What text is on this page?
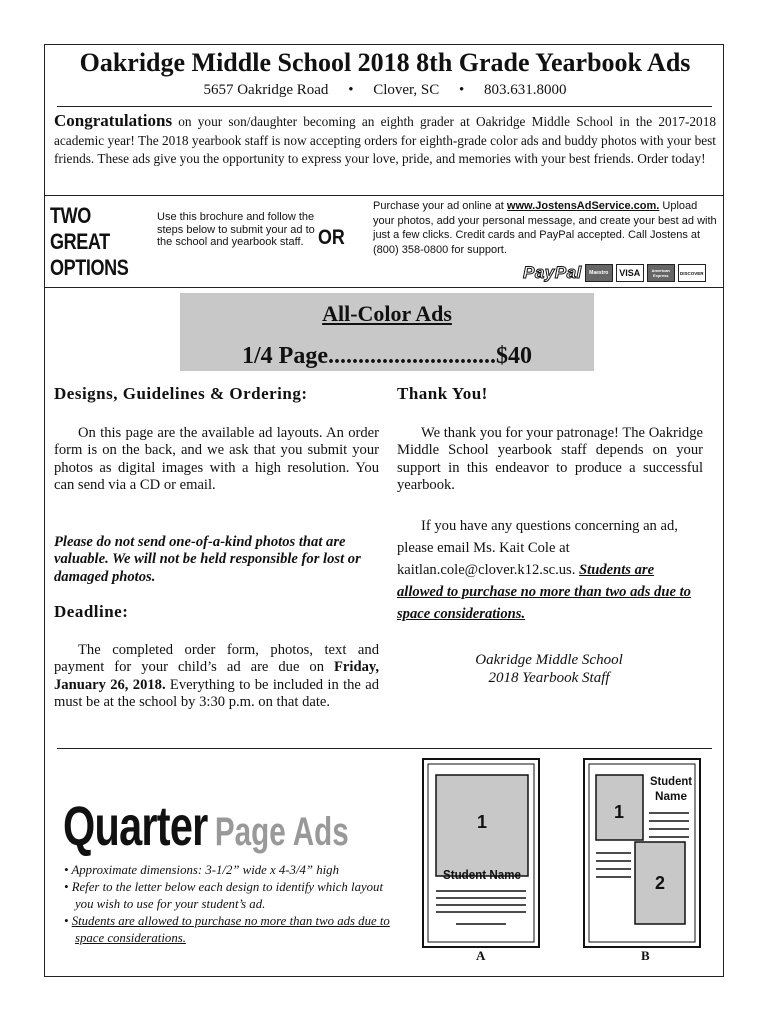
Oakridge Middle School 2018 8th Grade Yearbook Ads
5657 Oakridge Road • Clover, SC • 803.631.8000
Congratulations on your son/daughter becoming an eighth grader at Oakridge Middle School in the 2017-2018 academic year! The 2018 yearbook staff is now accepting orders for eighth-grade color ads and buddy photos with your best friends. These ads give you the opportunity to express your love, pride, and memories with your best friends. Order today!
TWO
GREAT
OPTIONS
Use this brochure and follow the steps below to submit your ad to the school and yearbook staff. OR
Purchase your ad online at www.JostensAdService.com. Upload your photos, add your personal message, and create your best ad with just a few clicks. Credit cards and PayPal accepted. Call Jostens at (800) 358-0800 for support.
PayPal	Maestro	VISA	American Express	DISCOVER
All-Color Ads
1/4 Page............................$40
Designs, Guidelines & Ordering:
On this page are the available ad layouts. An order form is on the back, and we ask that you submit your photos as digital images with a high resolution. You can send via a CD or email.
Please do not send one-of-a-kind photos that are valuable. We will not be held responsible for lost or damaged photos.
Deadline:
The completed order form, photos, text and payment for your child’s ad are due on Friday, January 26, 2018. Everything to be included in the ad must be at the school by 3:30 p.m. on that date.
Thank You!
We thank you for your patronage! The Oakridge Middle School yearbook staff depends on your support in this endeavor to produce a successful yearbook.
If you have any questions concerning an ad, please email Ms. Kait Cole at kaitlan.cole@clover.k12.sc.us. Students are allowed to purchase no more than two ads due to space considerations.
Oakridge Middle School
2018 Yearbook Staff
Quarter Page Ads
• Approximate dimensions: 3-1/2” wide x 4-3/4” high
• Refer to the letter below each design to identify which layout you wish to use for your student’s ad.
• Students are allowed to purchase no more than two ads due to space considerations.
1
Student Name
A
1
Student
Name
2
B
